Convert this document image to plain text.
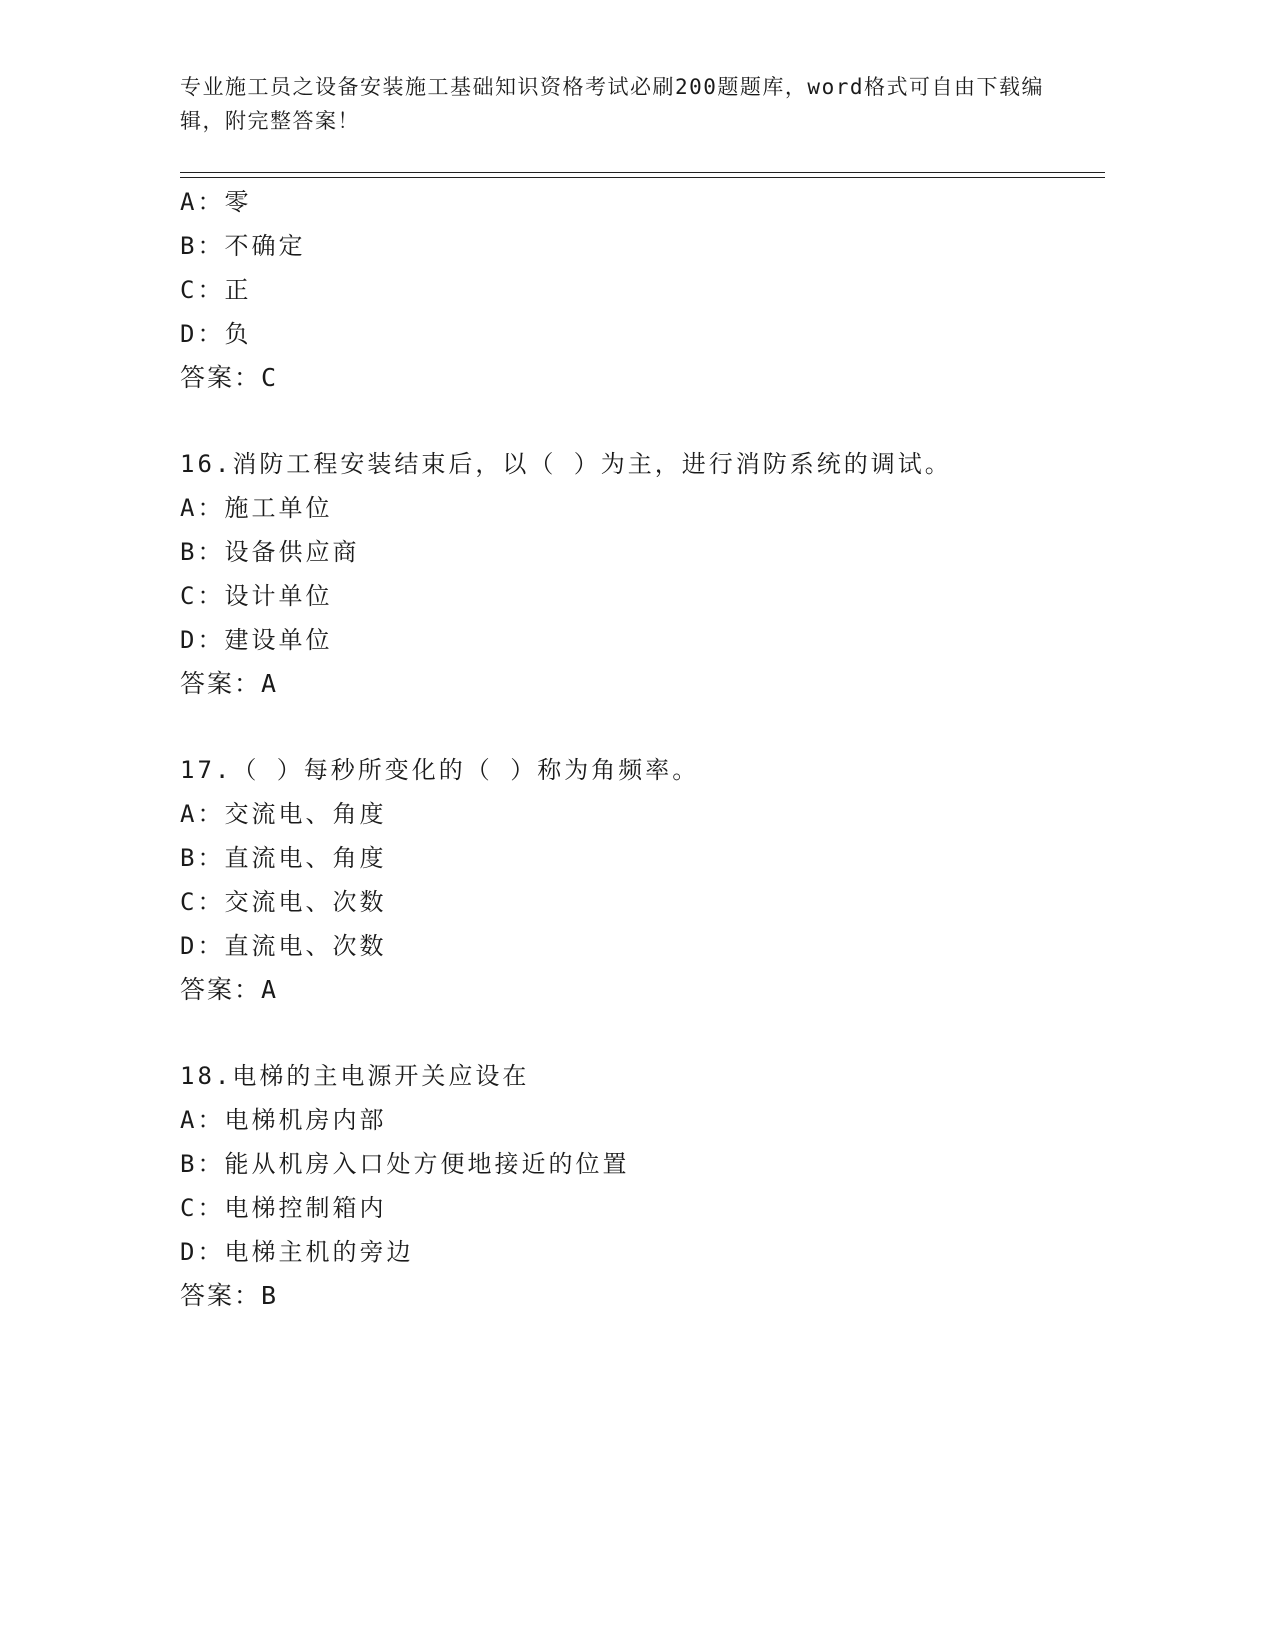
专业施工员之设备安装施工基础知识资格考试必刷200题题库，word格式可自由下载编辑，附完整答案！
A：零
B：不确定
C：正
D：负
答案：C
16.消防工程安装结束后，以（ ）为主，进行消防系统的调试。
A：施工单位
B：设备供应商
C：设计单位
D：建设单位
答案：A
17.（ ）每秒所变化的（ ）称为角频率。
A：交流电、角度
B：直流电、角度
C：交流电、次数
D：直流电、次数
答案：A
18.电梯的主电源开关应设在
A：电梯机房内部
B：能从机房入口处方便地接近的位置
C：电梯控制箱内
D：电梯主机的旁边
答案：B
